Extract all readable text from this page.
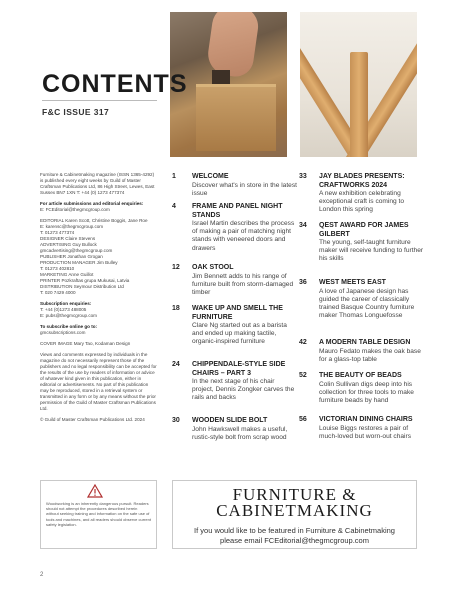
CONTENTS
F&C ISSUE 317

Furniture & Cabinetmaking magazine (ISSN 1365-4292) is published every eight weeks by Guild of Master Craftsman Publications Ltd, 86 High Street, Lewes, East Sussex BN7 1XN T: +44 (0) 1273 477374

For article submissions and editorial enquiries:
E: FCEditorial@thegmcgroup.com

EDITORIAL Karen Scott, Christine Boggis, Jane Roe
E: karensc@thegmcgroup.com
T: 01273 477374
DESIGNER Claire Stevens
ADVERTISING Guy Bullock
gmcadvertising@thegmcgroup.com
PUBLISHER Jonathan Grogan
PRODUCTION MANAGER Jim Bulley
T: 01273 402810
MARKETING Anne Guillot
PRINTER Pozkraftas grupa Mukusai, Latvia
DISTRIBUTION Seymour Distribution Ltd
T: 020 7429 4000

Subscription enquiries:
T: +44 (0)1273 488005
E: pubs@thegmcgroup.com

To subscribe online go to:
gmcsubscriptions.com

COVER IMAGE Mary Tao, Kodaman Design

Views and comments expressed by individuals in the magazine do not necessarily represent those of the publishers and no legal responsibility can be accepted for the results of the use by readers of information or advice of whatever kind given in this publication, either in editorial or advertisements. No part of this publication may be reproduced, stored in a retrieval system or transmitted in any form or by any means without the prior permission of the Guild of Master Craftsman Publications Ltd.

© Guild of Master Craftsman Publications Ltd. 2024

1 WELCOME
Discover what's in store in the latest issue
4 FRAME AND PANEL NIGHT STANDS
Israel Martin describes the process of making a pair of matching night stands with veneered doors and drawers
12 OAK STOOL
Jim Bennett adds to his range of furniture built from storm-damaged timber
18 WAKE UP AND SMELL THE FURNITURE
Clare Ng started out as a barista and ended up making tactile, organic-inspired furniture
24 CHIPPENDALE-STYLE SIDE CHAIRS – PART 3
In the next stage of his chair project, Dennis Zongker carves the rails and backs
30 WOODEN SLIDE BOLT
John Hawkswell makes a useful, rustic-style bolt from scrap wood
33 JAY BLADES PRESENTS: CRAFTWORKS 2024
A new exhibition celebrating exceptional craft is coming to London this spring
34 QEST AWARD FOR JAMES GILBERT
The young, self-taught furniture maker will receive funding to further his skills
36 WEST MEETS EAST
A love of Japanese design has guided the career of classically trained Basque Country furniture maker Thomas Longuefosse
42 A MODERN TABLE DESIGN
Mauro Fedato makes the oak base for a glass-top table
52 THE BEAUTY OF BEADS
Colin Sullivan digs deep into his collection for three tools to make furniture beads by hand
56 VICTORIAN DINING CHAIRS
Louise Biggs restores a pair of much-loved but worn-out chairs
Woodworking is an inherently dangerous pursuit. Readers should not attempt the procedures described herein without seeking training and information on the safe use of tools and machines, and all readers should observe current safety legislation.
FURNITURE &
CABINETMAKING
If you would like to be featured in Furniture & Cabinetmaking
please email FCEditorial@thegmcgroup.com
2
